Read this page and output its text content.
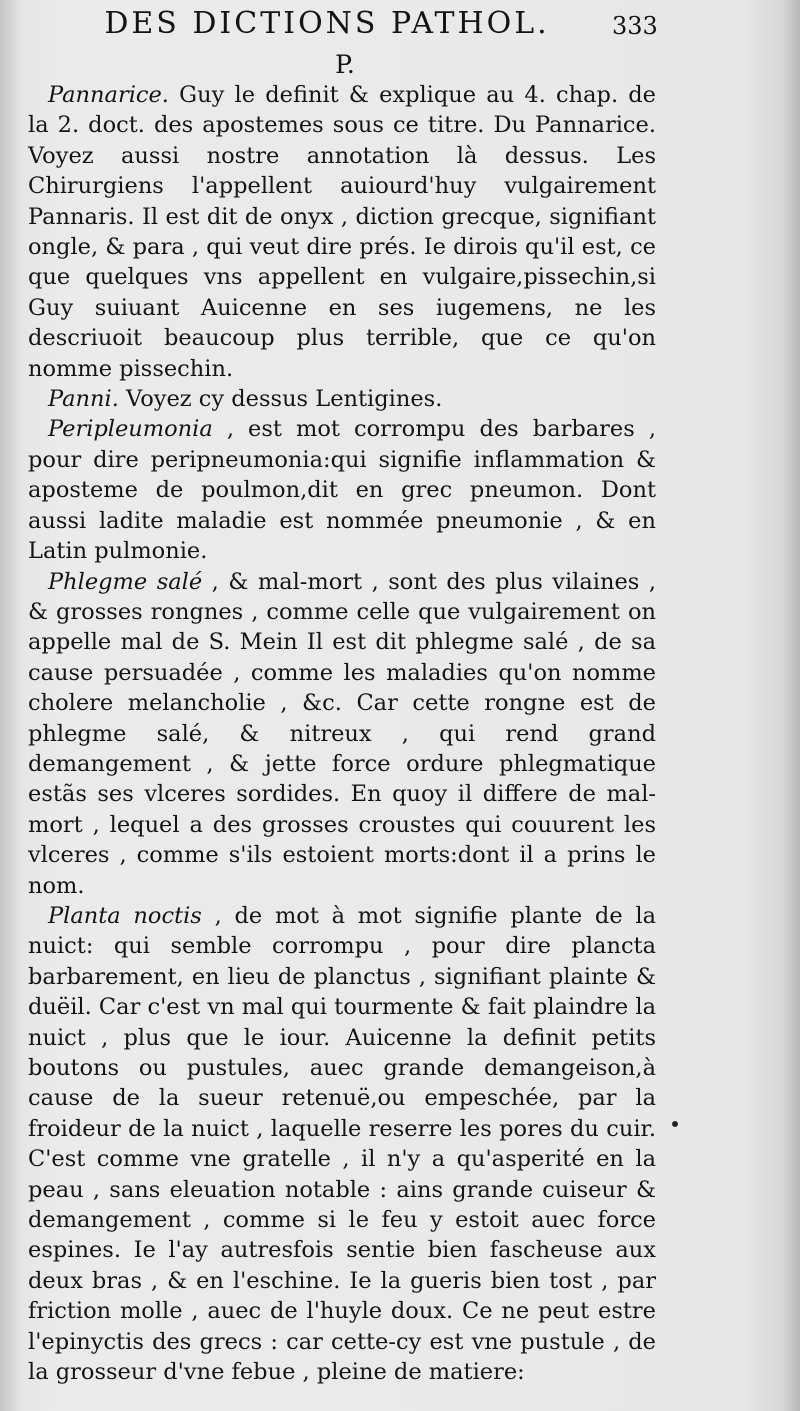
DES DICTIONS PATHOL.	333
P.

Pannarice. Guy le definit & explique au 4. chap. de la 2. doct. des apostemes sous ce titre. Du Pannarice. Voyez aussi nostre annotation là dessus. Les Chirurgiens l'appellent auiourd'huy vulgairement Pannaris. Il est dit de onyx , diction grecque, signifiant ongle, & para , qui veut dire prés. Ie dirois qu'il est, ce que quelques vns appellent en vulgaire,pissechin,si Guy suiuant Auicenne en ses iugemens, ne les descriuoit beaucoup plus terrible, que ce qu'on nomme pissechin.

Panni. Voyez cy dessus Lentigines.

Peripleumonia , est mot corrompu des barbares , pour dire peripneumonia:qui signifie inflammation & aposteme de poulmon,dit en grec pneumon. Dont aussi ladite maladie est nommée pneumonie , & en Latin pulmonie.

Phlegme salé , & mal-mort , sont des plus vilaines , & grosses rongnes , comme celle que vulgairement on appelle mal de S. Mein Il est dit phlegme salé , de sa cause persuadée , comme les maladies qu'on nomme cholere melancholie , &c. Car cette rongne est de phlegme salé, & nitreux , qui rend grand demangement , & jette force ordure phlegmatique estãs ses vlceres sordides. En quoy il differe de mal-mort , lequel a des grosses croustes qui couurent les vlceres , comme s'ils estoient morts:dont il a prins le nom.

Planta noctis , de mot à mot signifie plante de la nuict: qui semble corrompu , pour dire plancta barbarement, en lieu de planctus , signifiant plainte & duëil. Car c'est vn mal qui tourmente & fait plaindre la nuict , plus que le iour. Auicenne la definit petits boutons ou pustules, auec grande demangeison,à cause de la sueur retenuë,ou empeschée, par la froideur de la nuict , laquelle reserre les pores du cuir. C'est comme vne gratelle , il n'y a qu'asperité en la peau , sans eleuation notable : ains grande cuiseur & demangement , comme si le feu y estoit auec force espines. Ie l'ay autresfois sentie bien fascheuse aux deux bras , & en l'eschine. Ie la gueris bien tost , par friction molle , auec de l'huyle doux. Ce ne peut estre l'epinyctis des grecs : car cette-cy est vne pustule , de la grosseur d'vne febue , pleine de matiere:
